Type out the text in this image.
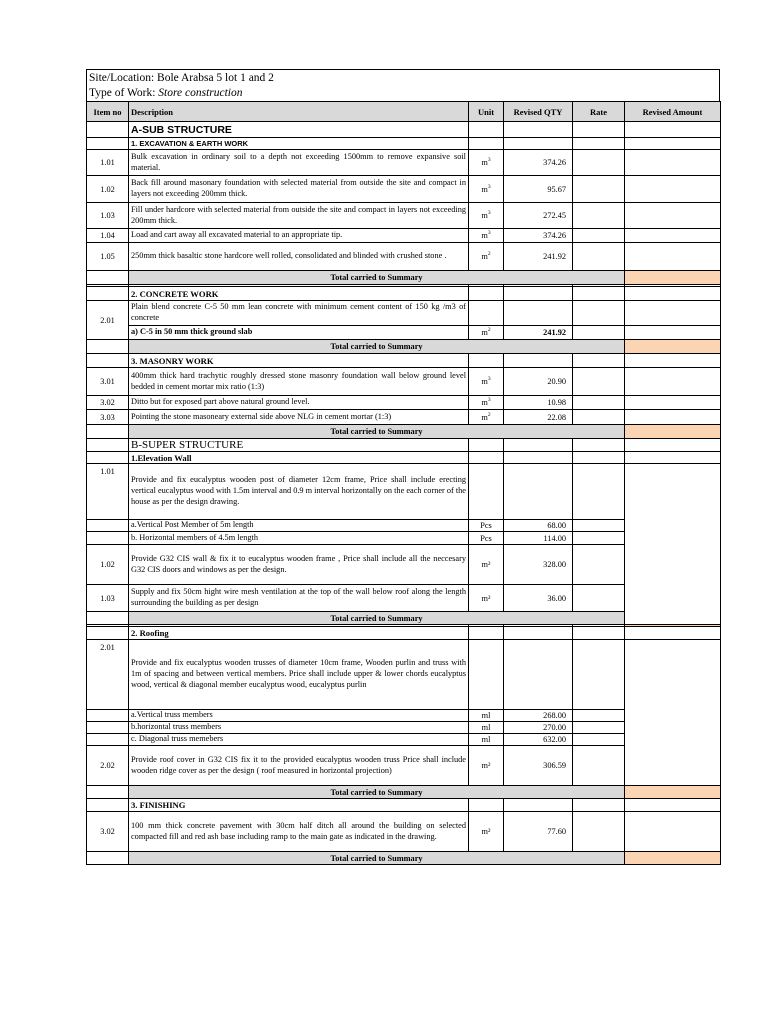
Site/Location: Bole Arabsa 5 lot 1 and 2
Type of Work: Store construction
Item no	Description	Unit	Revised QTY	Rate	Revised Amount
	A-SUB STRUCTURE				
	1. EXCAVATION & EARTH WORK				
1.01	Bulk excavation in ordinary soil to a depth not exceeding 1500mm to remove expansive soil material.	$m^3$	374.26		
1.02	Back fill around masonary foundation with selected material from outside the site and compact in layers not exceeding 200mm thick.	$m^3$	95.67		
1.03	Fill under hardcore with selected material from outside the site and compact in layers not exceeding 200mm thick.	$m^3$	272.45		
1.04	Load and cart away all excavated material to an appropriate tip.	$m^3$	374.26		
1.05	250mm thick basaltic stone hardcore well rolled, consolidated and blinded with crushed stone .	$m^2$	241.92		
	Total carried to Summary				

	2. CONCRETE WORK				
2.01	Plain blend concrete C-5 50 mm lean concrete with minimum cement content of 150 kg /m3 of concrete				
	a) C-5 in 50 mm thick ground slab	$m^2$	241.92		
	Total carried to Summary				
	3. MASONRY WORK				
3.01	400mm thick hard trachytic roughly dressed stone masonry foundation wall below ground level bedded in cement mortar mix ratio (1:3)	$m^3$	20.90		
3.02	Ditto but for exposed part above natural ground level.	$m^3$	10.98		
3.03	Pointing the stone masoneary external side above NLG in cement mortar (1:3)	$m^2$	22.08		
	Total carried to Summary				
	B-SUPER STRUCTURE				
	1.Elevation Wall				
1.01	Provide and fix eucalyptus wooden post of diameter 12cm frame, Price shall include erecting vertical eucalyptus wood with 1.5m interval and 0.9 m interval horizontally on the each corner of the house as per the design drawing.				
	a.Vertical Post Member of 5m length	Pcs	68.00		
	b. Horizontal members of 4.5m length	Pcs	114.00		
1.02	Provide G32 CIS wall & fix it to eucalyptus wooden frame , Price shall include all the neccesary G32 CIS doors and windows as per the design.	m²	328.00		
1.03	Supply and fix 50cm hight wire mesh ventilation at the top of the wall below roof along the length surrounding the building as per design	m²	36.00		
	Total carried to Summary				

	2. Roofing				
2.01	Provide and fix eucalyptus wooden trusses of diameter 10cm frame, Wooden purlin and truss with 1m of spacing and between vertical members. Price shall include upper & lower chords eucalyptus wood, vertical & diagonal member eucalyptus wood, eucalyptus purlin				
	a.Vertical truss members	ml	268.00		
	b.horizontal truss members	ml	270.00		
	c. Diagonal truss memebers	ml	632.00		
2.02	Provide roof cover in G32 CIS fix it to the provided eucalyptus wooden truss Price shall include wooden ridge cover as per the design ( roof measured in horizontal projection)	m²	306.59		
	Total carried to Summary				
	3. FINISHING				
3.02	100 mm thick concrete pavement with 30cm half ditch all around the building on selected compacted fill and red ash base including ramp to the main gate as indicated in the drawing.	m²	77.60		
	Total carried to Summary				
